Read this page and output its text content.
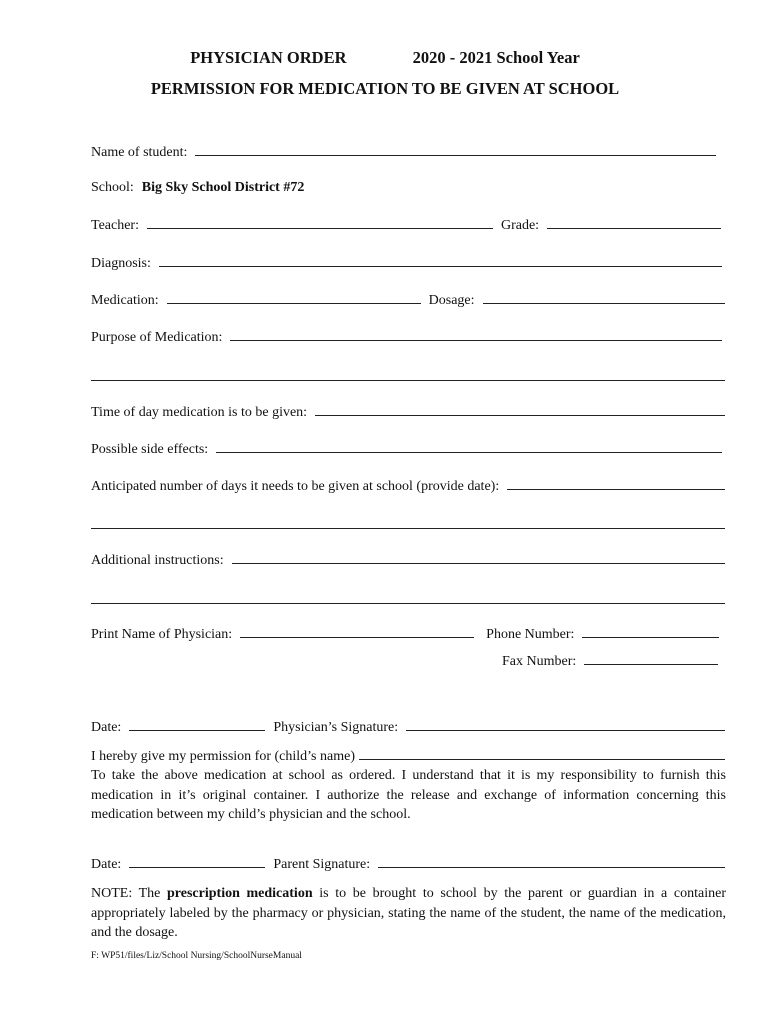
PHYSICIAN ORDER	2020 - 2021 School Year
PERMISSION FOR MEDICATION TO BE GIVEN AT SCHOOL
Name of student:
School: Big Sky School District #72
Teacher:	Grade:
Diagnosis:
Medication:	Dosage:
Purpose of Medication:
Time of day medication is to be given:
Possible side effects:
Anticipated number of days it needs to be given at school (provide date):
Additional instructions:
Print Name of Physician:	Phone Number:
Fax Number:
Date:	Physician’s Signature:
I hereby give my permission for (child’s name)
To take the above medication at school as ordered. I understand that it is my responsibility to furnish this medication in it’s original container. I authorize the release and exchange of information concerning this medication between my child’s physician and the school.
Date:	Parent Signature:
NOTE: The prescription medication is to be brought to school by the parent or guardian in a container appropriately labeled by the pharmacy or physician, stating the name of the student, the name of the medication, and the dosage.
F: WP51/files/Liz/School Nursing/SchoolNurseManual
